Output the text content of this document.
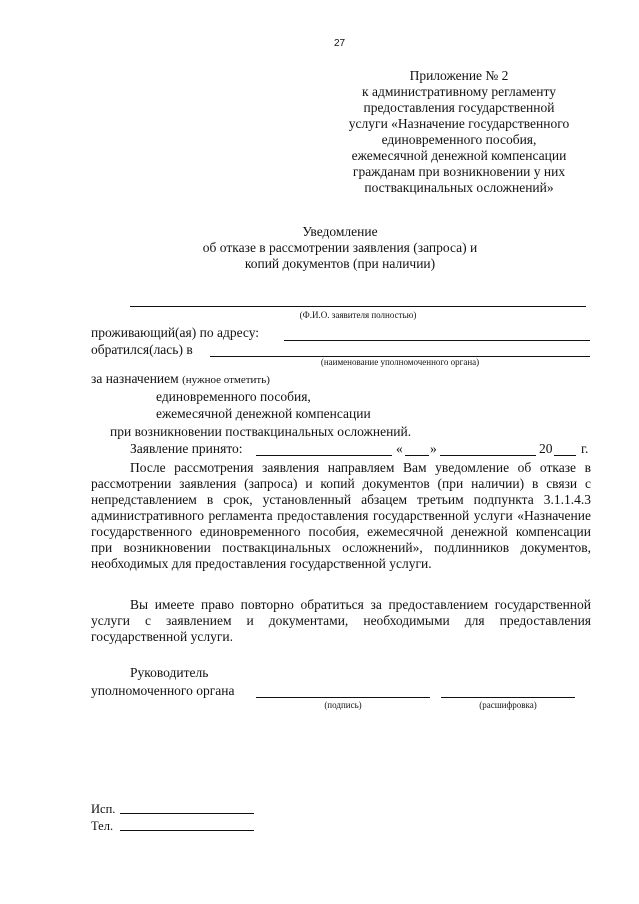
27
Приложение № 2
к административному регламенту
предоставления государственной
услуги «Назначение государственного
единовременного пособия,
ежемесячной денежной компенсации
гражданам при возникновении у них
поствакцинальных осложнений»
Уведомление
об отказе в рассмотрении заявления (запроса) и
копий документов (при наличии)
(Ф.И.О. заявителя полностью)
проживающий(ая) по адресу:
обратился(лась) в
(наименование уполномоченного органа)
за назначением (нужное отметить)
единовременного пособия,
ежемесячной денежной компенсации
при возникновении поствакцинальных осложнений.
Заявление принято:	« »	20 г.
После рассмотрения заявления направляем Вам уведомление об отказе в рассмотрении заявления (запроса) и копий документов (при наличии) в связи с непредставлением в срок, установленный абзацем третьим подпункта 3.1.1.4.3 административного регламента предоставления государственной услуги «Назначение государственного единовременного пособия, ежемесячной денежной компенсации при возникновении поствакцинальных осложнений», подлинников документов, необходимых для предоставления государственной услуги.
Вы имеете право повторно обратиться за предоставлением государственной услуги с заявлением и документами, необходимыми для предоставления государственной услуги.
Руководитель
уполномоченного органа
(подпись)	(расшифровка)
Исп.
Тел.
